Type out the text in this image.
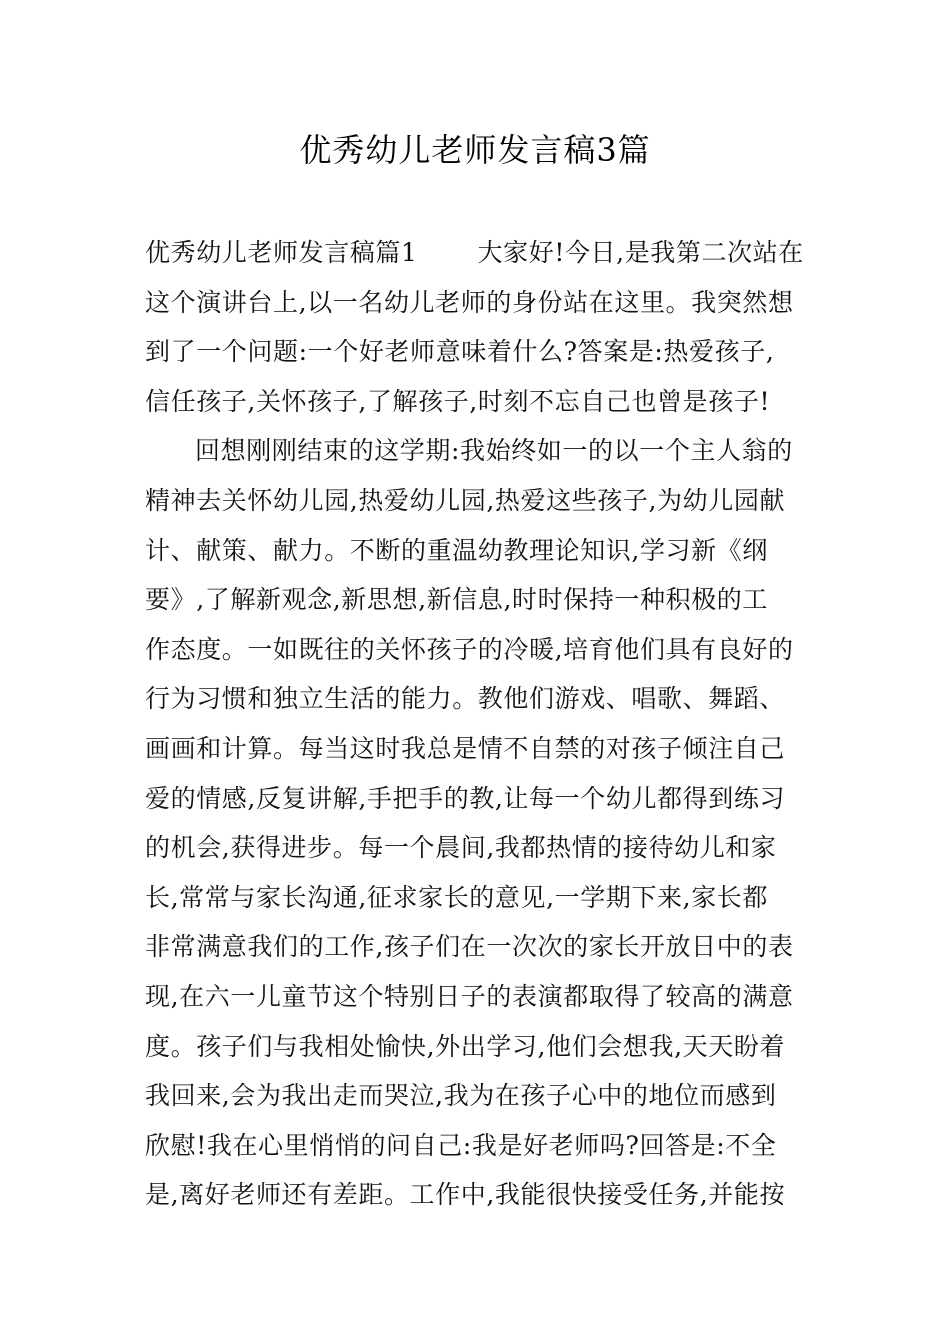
优秀幼儿老师发言稿3篇
优秀幼儿老师发言稿篇1 大家好!今日,是我第二次站在
这个演讲台上,以一名幼儿老师的身份站在这里。我突然想
到了一个问题:一个好老师意味着什么?答案是:热爱孩子,
信任孩子,关怀孩子,了解孩子,时刻不忘自己也曾是孩子!
回想刚刚结束的这学期:我始终如一的以一个主人翁的
精神去关怀幼儿园,热爱幼儿园,热爱这些孩子,为幼儿园献
计、献策、献力。不断的重温幼教理论知识,学习新《纲
要》,了解新观念,新思想,新信息,时时保持一种积极的工
作态度。一如既往的关怀孩子的冷暖,培育他们具有良好的
行为习惯和独立生活的能力。教他们游戏、唱歌、舞蹈、
画画和计算。每当这时我总是情不自禁的对孩子倾注自己
爱的情感,反复讲解,手把手的教,让每一个幼儿都得到练习
的机会,获得进步。每一个晨间,我都热情的接待幼儿和家
长,常常与家长沟通,征求家长的意见,一学期下来,家长都
非常满意我们的工作,孩子们在一次次的家长开放日中的表
现,在六一儿童节这个特别日子的表演都取得了较高的满意
度。孩子们与我相处愉快,外出学习,他们会想我,天天盼着
我回来,会为我出走而哭泣,我为在孩子心中的地位而感到
欣慰!我在心里悄悄的问自己:我是好老师吗?回答是:不全
是,离好老师还有差距。工作中,我能很快接受任务,并能按
